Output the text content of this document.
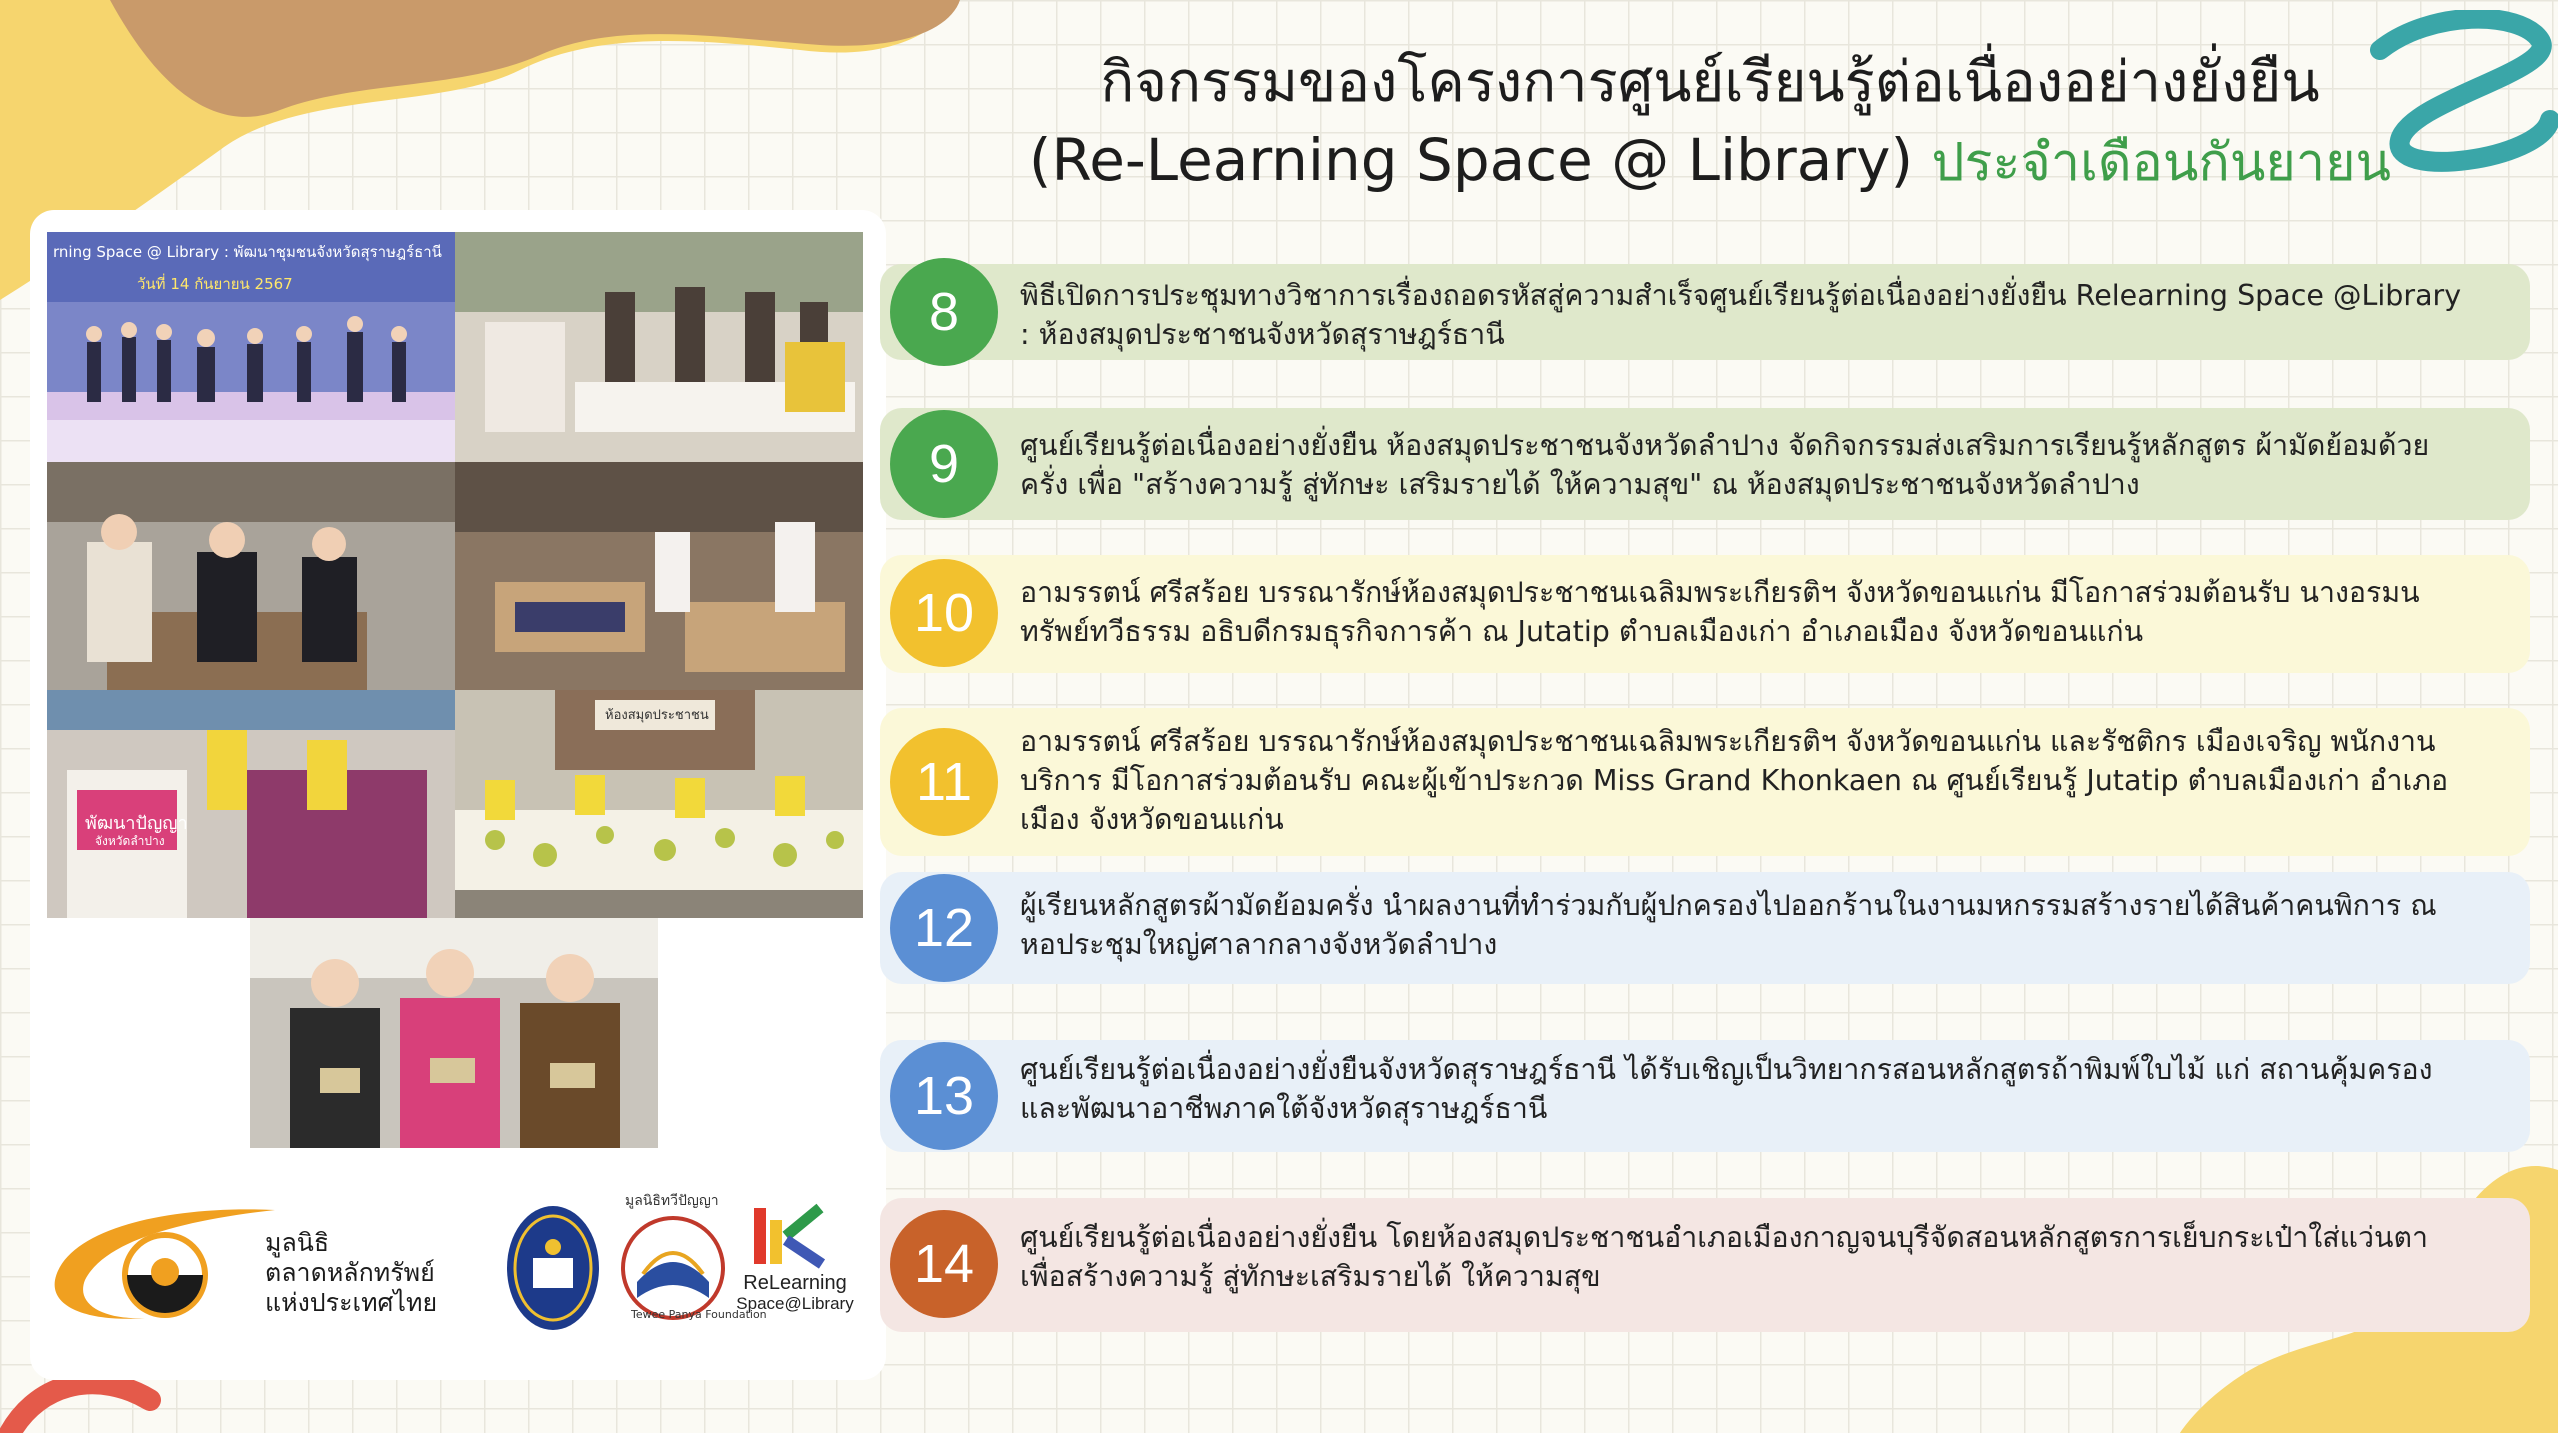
กิจกรรมของโครงการศูนย์เรียนรู้ต่อเนื่องอย่างยั่งยืน
(Re-Learning Space @ Library) ประจำเดือนกันยายน
rning Space @ Library : พัฒนาชุมชนจังหวัดสุราษฎร์ธานี
วันที่ 14 กันยายน 2567
พัฒนาปัญญา
จังหวัดลำปาง
ห้องสมุดประชาชน
มูลนิธิ
ตลาดหลักทรัพย์
แห่งประเทศไทย
มูลนิธิทวีปัญญา
Tewee Panya Foundation
ReLearning
Space@Library
8	พิธีเปิดการประชุมทางวิชาการเรื่องถอดรหัสสู่ความสำเร็จศูนย์เรียนรู้ต่อเนื่องอย่างยั่งยืน Relearning Space @Library : ห้องสมุดประชาชนจังหวัดสุราษฎร์ธานี
9	ศูนย์เรียนรู้ต่อเนื่องอย่างยั่งยืน ห้องสมุดประชาชนจังหวัดลำปาง จัดกิจกรรมส่งเสริมการเรียนรู้หลักสูตร ผ้ามัดย้อมด้วยครั่ง เพื่อ "สร้างความรู้ สู่ทักษะ เสริมรายได้ ให้ความสุข" ณ ห้องสมุดประชาชนจังหวัดลำปาง
10	อามรรตน์ ศรีสร้อย บรรณารักษ์ห้องสมุดประชาชนเฉลิมพระเกียรติฯ จังหวัดขอนแก่น มีโอกาสร่วมต้อนรับ นางอรมน ทรัพย์ทวีธรรม อธิบดีกรมธุรกิจการค้า ณ Jutatip ตำบลเมืองเก่า อำเภอเมือง จังหวัดขอนแก่น
11
อามรรตน์ ศรีสร้อย บรรณารักษ์ห้องสมุดประชาชนเฉลิมพระเกียรติฯ จังหวัดขอนแก่น และรัชติกร เมืองเจริญ พนักงานบริการ มีโอกาสร่วมต้อนรับ คณะผู้เข้าประกวด Miss Grand Khonkaen ณ ศูนย์เรียนรู้ Jutatip ตำบลเมืองเก่า อำเภอเมือง จังหวัดขอนแก่น
12	ผู้เรียนหลักสูตรผ้ามัดย้อมครั่ง นำผลงานที่ทำร่วมกับผู้ปกครองไปออกร้านในงานมหกรรมสร้างรายได้สินค้าคนพิการ ณ หอประชุมใหญ่ศาลากลางจังหวัดลำปาง
13	ศูนย์เรียนรู้ต่อเนื่องอย่างยั่งยืนจังหวัดสุราษฎร์ธานี ได้รับเชิญเป็นวิทยากรสอนหลักสูตรถ้าพิมพ์ใบไม้ แก่ สถานคุ้มครองและพัฒนาอาชีพภาคใต้จังหวัดสุราษฎร์ธานี
14	ศูนย์เรียนรู้ต่อเนื่องอย่างยั่งยืน โดยห้องสมุดประชาชนอำเภอเมืองกาญจนบุรีจัดสอนหลักสูตรการเย็บกระเป๋าใส่แว่นตา เพื่อสร้างความรู้ สู่ทักษะเสริมรายได้ ให้ความสุข
